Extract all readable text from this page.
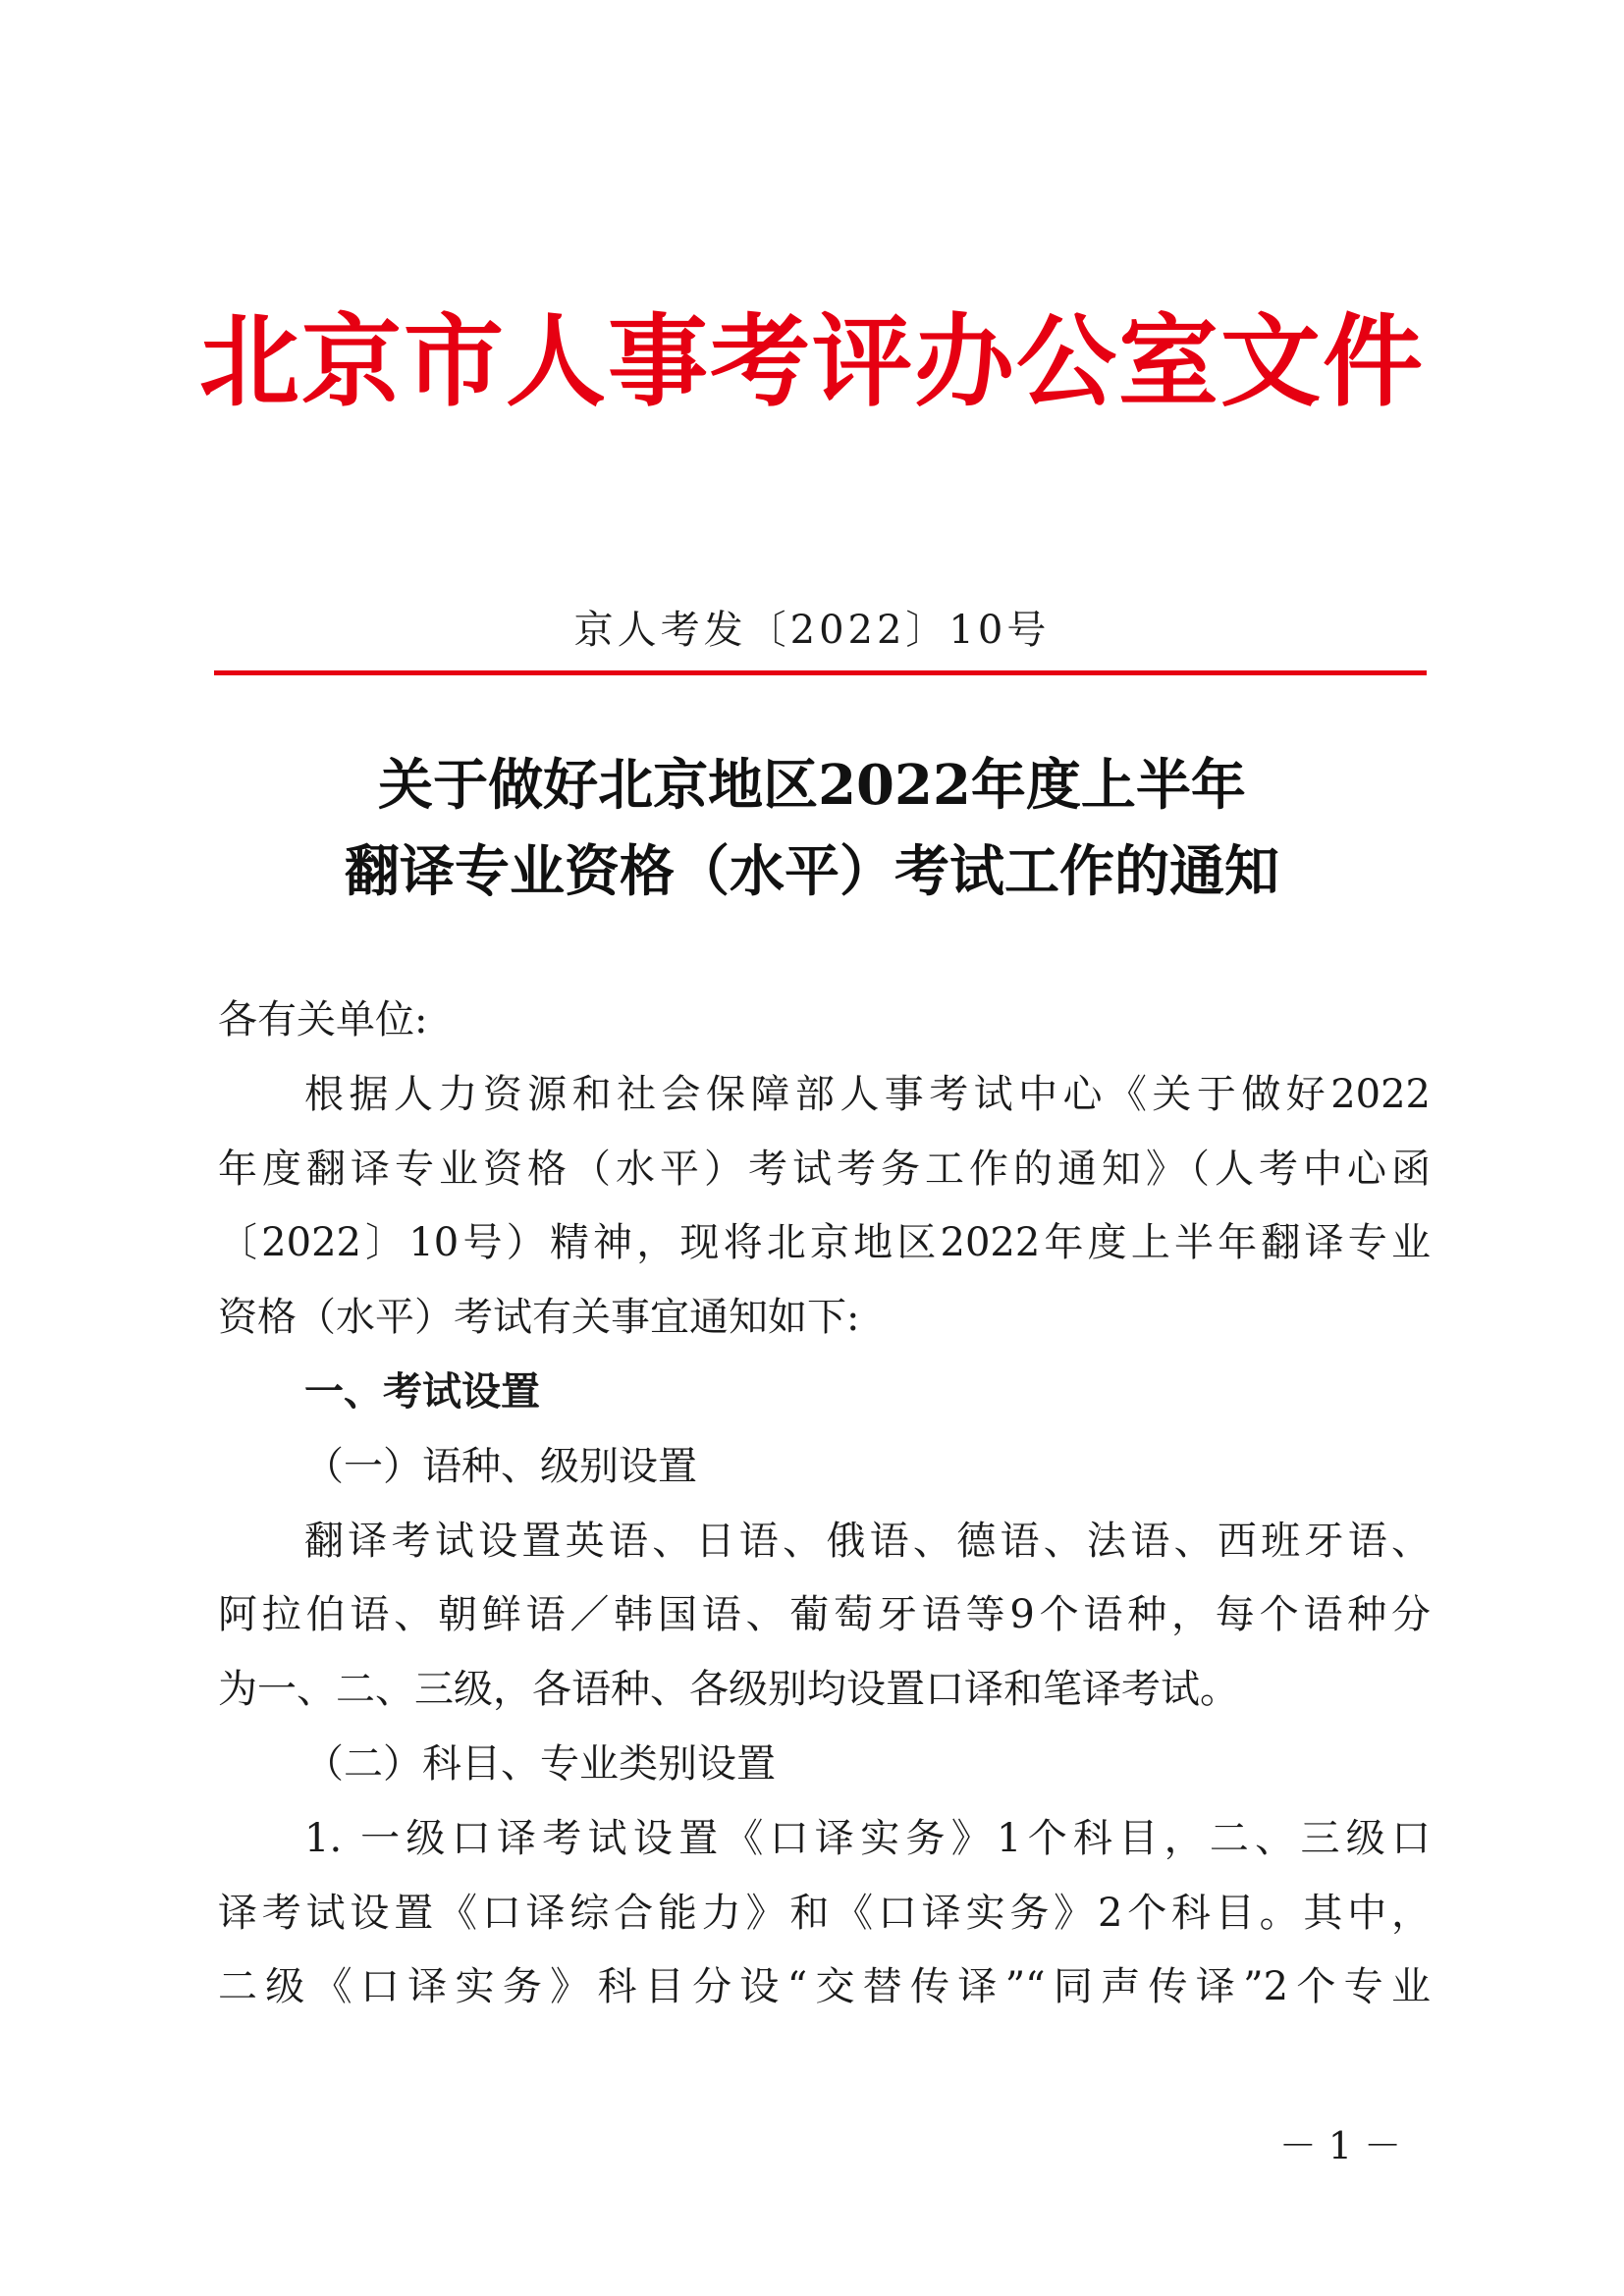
北京市人事考评办公室文件
京人考发〔2022〕10号
关于做好北京地区2022年度上半年
翻译专业资格（水平）考试工作的通知
各有关单位:
根据人力资源和社会保障部人事考试中心《关于做好2022
年度翻译专业资格（水平）考试考务工作的通知》（人考中心函
〔2022〕10号）精神，现将北京地区2022年度上半年翻译专业
资格（水平）考试有关事宜通知如下:
一、考试设置
（一）语种、级别设置
翻译考试设置英语、日语、俄语、德语、法语、西班牙语、
阿拉伯语、朝鲜语／韩国语、葡萄牙语等9个语种，每个语种分
为一、二、三级，各语种、各级别均设置口译和笔译考试。
（二）科目、专业类别设置
1. 一级口译考试设置《口译实务》1个科目，二、三级口
译考试设置《口译综合能力》和《口译实务》2个科目。其中，
二级《口译实务》科目分设“交替传译”“同声传译”2个专业
－ 1 －
